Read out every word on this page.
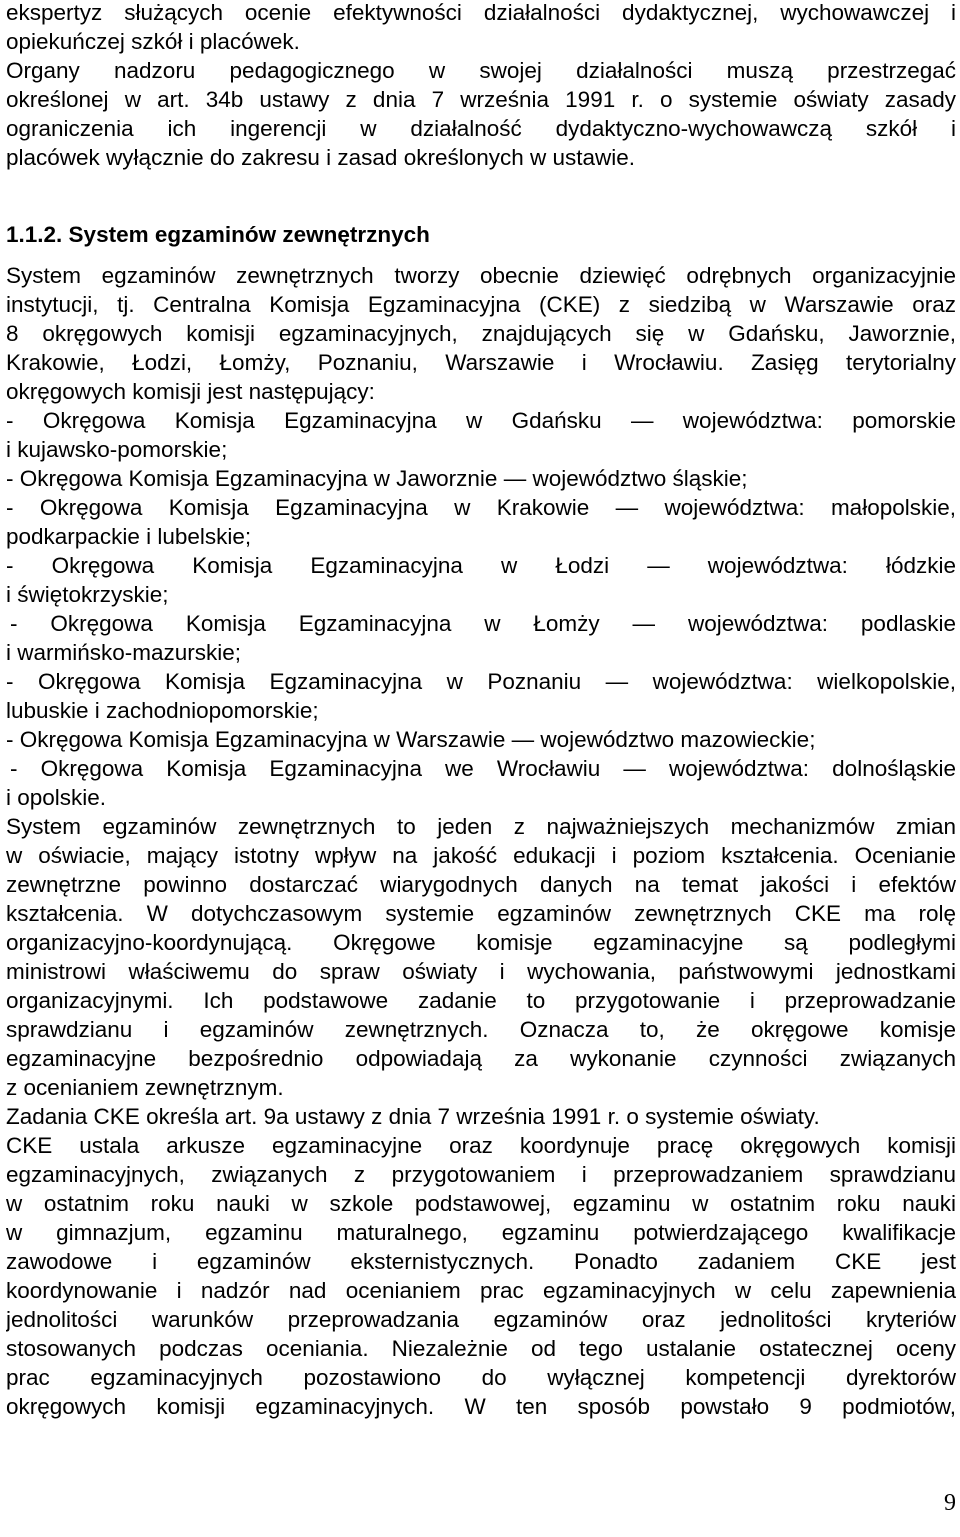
ekspertyz służących ocenie efektywności działalności dydaktycznej, wychowawczej i
opiekuńczej szkół i placówek.
Organy nadzoru pedagogicznego w swojej działalności muszą przestrzegać
określonej w art. 34b ustawy z dnia 7 września 1991 r. o systemie oświaty zasady
ograniczenia ich ingerencji w działalność dydaktyczno-wychowawczą szkół i
placówek wyłącznie do zakresu i zasad określonych w ustawie.
1.1.2. System egzaminów zewnętrznych
System egzaminów zewnętrznych tworzy obecnie dziewięć odrębnych organizacyjnie
instytucji, tj. Centralna Komisja Egzaminacyjna (CKE) z siedzibą w Warszawie oraz
8 okręgowych komisji egzaminacyjnych, znajdujących się w Gdańsku, Jaworznie,
Krakowie, Łodzi, Łomży, Poznaniu, Warszawie i Wrocławiu. Zasięg terytorialny
okręgowych komisji jest następujący:
- Okręgowa Komisja Egzaminacyjna w Gdańsku — województwa: pomorskie
i kujawsko-pomorskie;
- Okręgowa Komisja Egzaminacyjna w Jaworznie — województwo śląskie;
- Okręgowa Komisja Egzaminacyjna w Krakowie — województwa: małopolskie,
podkarpackie i lubelskie;
- Okręgowa Komisja Egzaminacyjna w Łodzi — województwa: łódzkie
i świętokrzyskie;
- Okręgowa Komisja Egzaminacyjna w Łomży — województwa: podlaskie
i warmińsko-mazurskie;
- Okręgowa Komisja Egzaminacyjna w Poznaniu — województwa: wielkopolskie,
lubuskie i zachodniopomorskie;
- Okręgowa Komisja Egzaminacyjna w Warszawie — województwo mazowieckie;
- Okręgowa Komisja Egzaminacyjna we Wrocławiu — województwa: dolnośląskie
i opolskie.
System egzaminów zewnętrznych to jeden z najważniejszych mechanizmów zmian
w oświacie, mający istotny wpływ na jakość edukacji i poziom kształcenia. Ocenianie
zewnętrzne powinno dostarczać wiarygodnych danych na temat jakości i efektów
kształcenia. W dotychczasowym systemie egzaminów zewnętrznych CKE ma rolę
organizacyjno-koordynującą. Okręgowe komisje egzaminacyjne są podległymi
ministrowi właściwemu do spraw oświaty i wychowania, państwowymi jednostkami
organizacyjnymi. Ich podstawowe zadanie to przygotowanie i przeprowadzanie
sprawdzianu i egzaminów zewnętrznych. Oznacza to, że okręgowe komisje
egzaminacyjne bezpośrednio odpowiadają za wykonanie czynności związanych
z ocenianiem zewnętrznym.
Zadania CKE określa art. 9a ustawy z dnia 7 września 1991 r. o systemie oświaty.
CKE ustala arkusze egzaminacyjne oraz koordynuje pracę okręgowych komisji
egzaminacyjnych, związanych z przygotowaniem i przeprowadzaniem sprawdzianu
w ostatnim roku nauki w szkole podstawowej, egzaminu w ostatnim roku nauki
w gimnazjum, egzaminu maturalnego, egzaminu potwierdzającego kwalifikacje
zawodowe i egzaminów eksternistycznych. Ponadto zadaniem CKE jest
koordynowanie i nadzór nad ocenianiem prac egzaminacyjnych w celu zapewnienia
jednolitości warunków przeprowadzania egzaminów oraz jednolitości kryteriów
stosowanych podczas oceniania. Niezależnie od tego ustalanie ostatecznej oceny
prac egzaminacyjnych pozostawiono do wyłącznej kompetencji dyrektorów
okręgowych komisji egzaminacyjnych. W ten sposób powstało 9 podmiotów,
9
